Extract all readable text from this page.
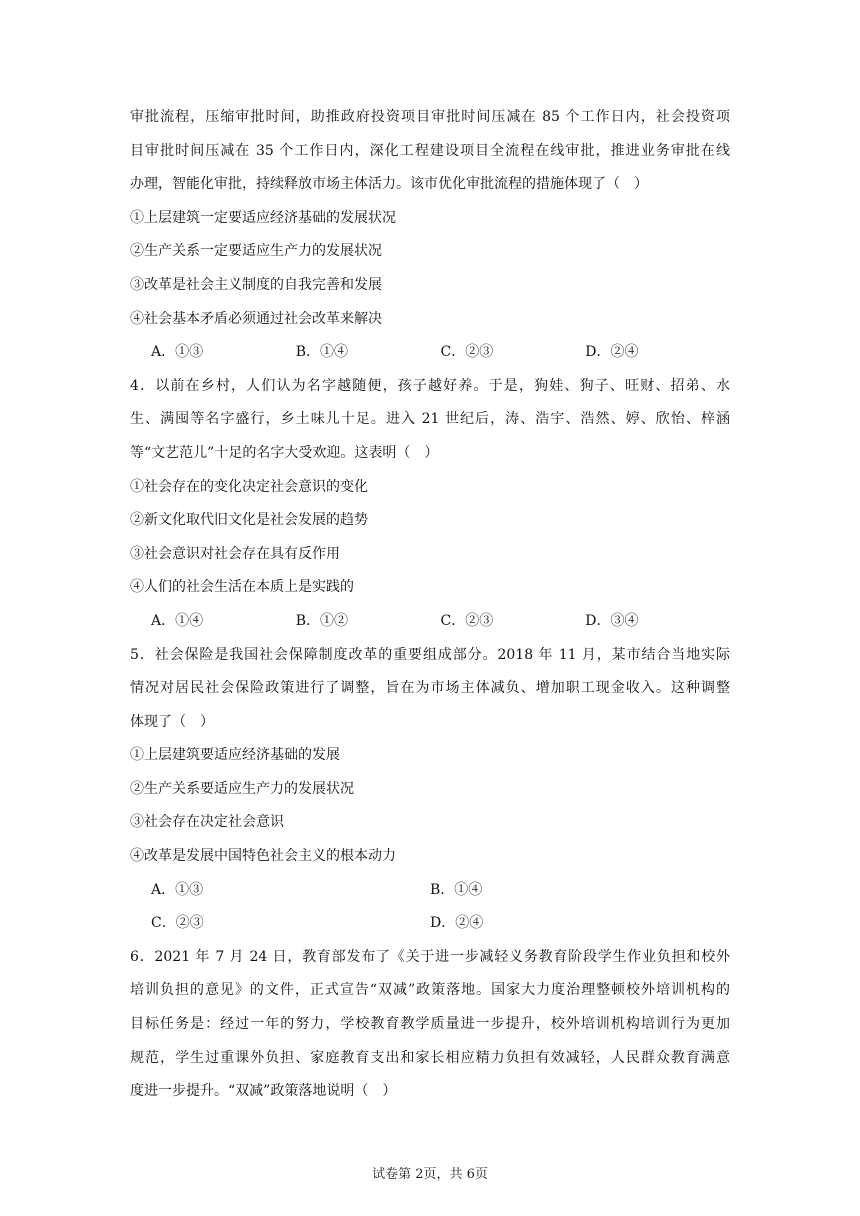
审批流程，压缩审批时间，助推政府投资项目审批时间压减在 85 个工作日内，社会投资项
目审批时间压减在 35 个工作日内，深化工程建设项目全流程在线审批，推进业务审批在线
办理，智能化审批，持续释放市场主体活力。该市优化审批流程的措施体现了（　）
①上层建筑一定要适应经济基础的发展状况
②生产关系一定要适应生产力的发展状况
③改革是社会主义制度的自我完善和发展
④社会基本矛盾必须通过社会改革来解决
A．①③	B．①④	C．②③	D．②④
4．以前在乡村，人们认为名字越随便，孩子越好养。于是，狗娃、狗子、旺财、招弟、水
生、满囤等名字盛行，乡土味儿十足。进入 21 世纪后，涛、浩宇、浩然、婷、欣怡、梓涵
等“文艺范儿”十足的名字大受欢迎。这表明（　）
①社会存在的变化决定社会意识的变化
②新文化取代旧文化是社会发展的趋势
③社会意识对社会存在具有反作用
④人们的社会生活在本质上是实践的
A．①④	B．①②	C．②③	D．③④
5．社会保险是我国社会保障制度改革的重要组成部分。2018 年 11 月，某市结合当地实际
情况对居民社会保险政策进行了调整，旨在为市场主体减负、增加职工现金收入。这种调整
体现了（　）
①上层建筑要适应经济基础的发展
②生产关系要适应生产力的发展状况
③社会存在决定社会意识
④改革是发展中国特色社会主义的根本动力
A．①③	B．①④
C．②③	D．②④
6．2021 年 7 月 24 日，教育部发布了《关于进一步减轻义务教育阶段学生作业负担和校外
培训负担的意见》的文件，正式宣告“双减”政策落地。国家大力度治理整顿校外培训机构的
目标任务是：经过一年的努力，学校教育教学质量进一步提升，校外培训机构培训行为更加
规范，学生过重课外负担、家庭教育支出和家长相应精力负担有效减轻，人民群众教育满意
度进一步提升。“双减”政策落地说明（　）
试卷第 2页，共 6页
